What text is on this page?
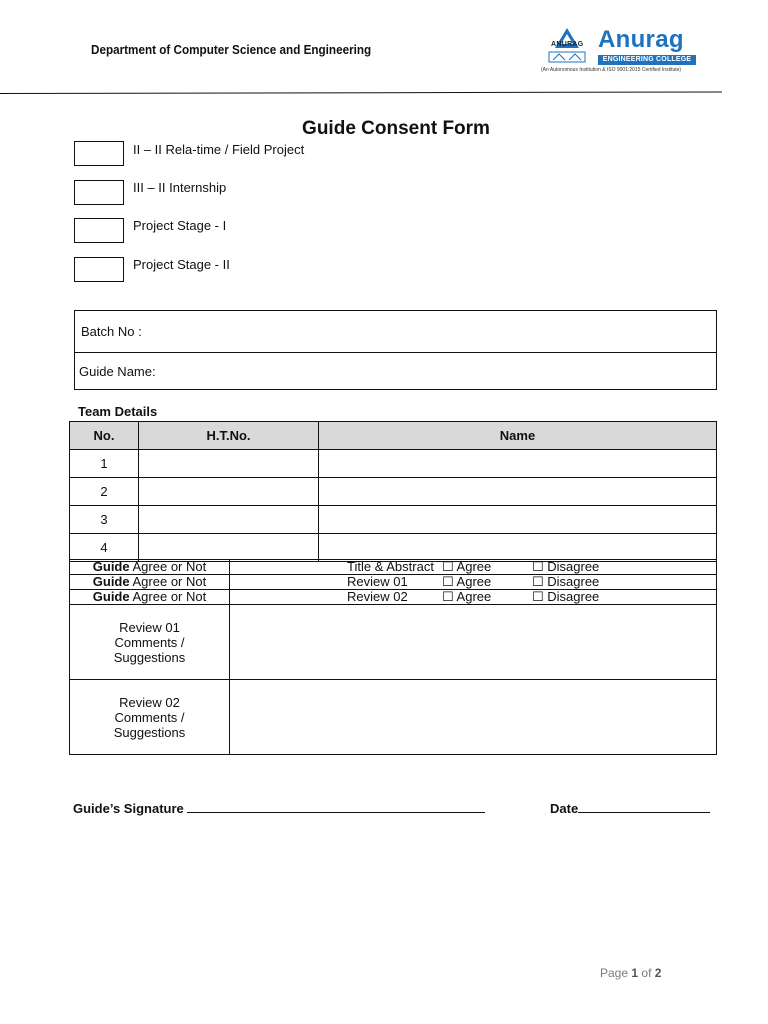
Department of Computer Science and Engineering	ANURAG Anurag
ENGINEERING COLLEGE
(An Autonomous Institution & ISO 9001:2015 Certified Institute)
Guide Consent Form
II – II Rela-time / Field Project
III – II Internship
Project Stage - I
Project Stage - II
Batch No :
Guide Name:
Team Details
No.	H.T.No.	Name
1		
2		
3		
4		
Guide Agree or Not	Title & Abstract ☐ Agree ☐ Disagree

Guide Agree or Not	Review 01 ☐ Agree ☐ Disagree

Guide Agree or Not	Review 02 ☐ Agree ☐ Disagree

Review 01
Comments /
Suggestions	

Review 02
Comments /
Suggestions	

Guide’s Signature	Date
Page 1 of 2
